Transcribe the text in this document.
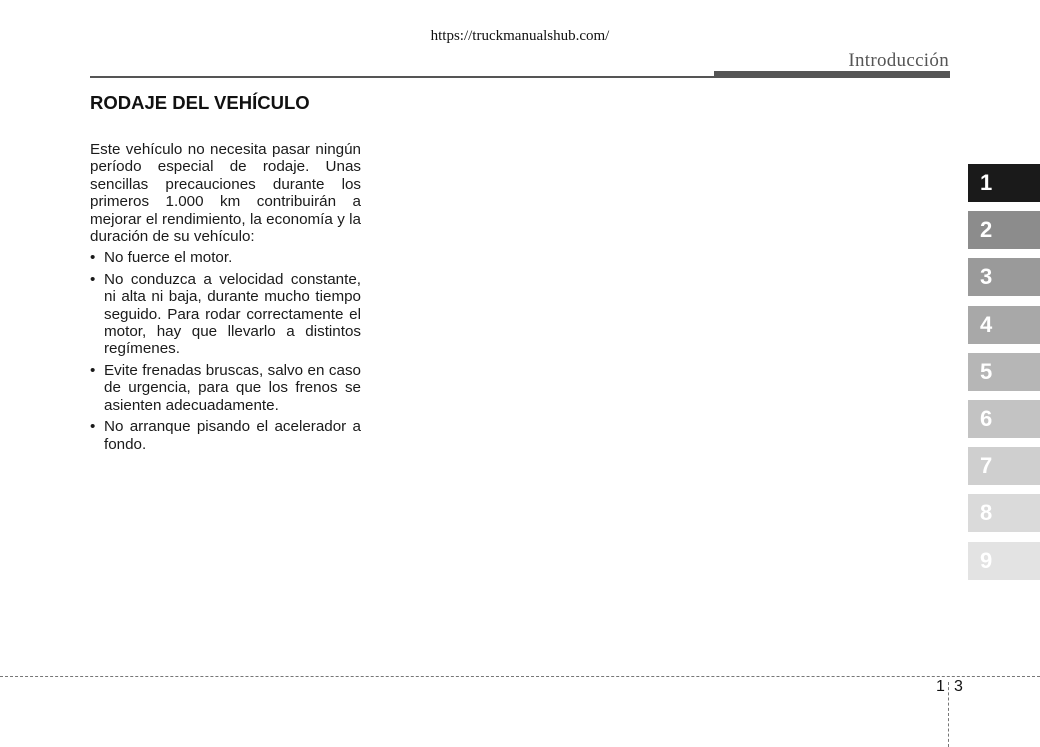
https://truckmanualshub.com/
Introducción
RODAJE DEL VEHÍCULO

Este vehículo no necesita pasar ningún período especial de rodaje. Unas sencillas precauciones durante los primeros 1.000 km contribuirán a mejorar el rendimiento, la economía y la duración de su vehículo:

• No fuerce el motor.
• No conduzca a velocidad constante, ni alta ni baja, durante mucho tiempo seguido. Para rodar correctamente el motor, hay que llevarlo a distintos regímenes.
• Evite frenadas bruscas, salvo en caso de urgencia, para que los frenos se asienten adecuadamente.
• No arranque pisando el acelerador a fondo.
1
2
3
4
5
6
7
8
9
1 3
